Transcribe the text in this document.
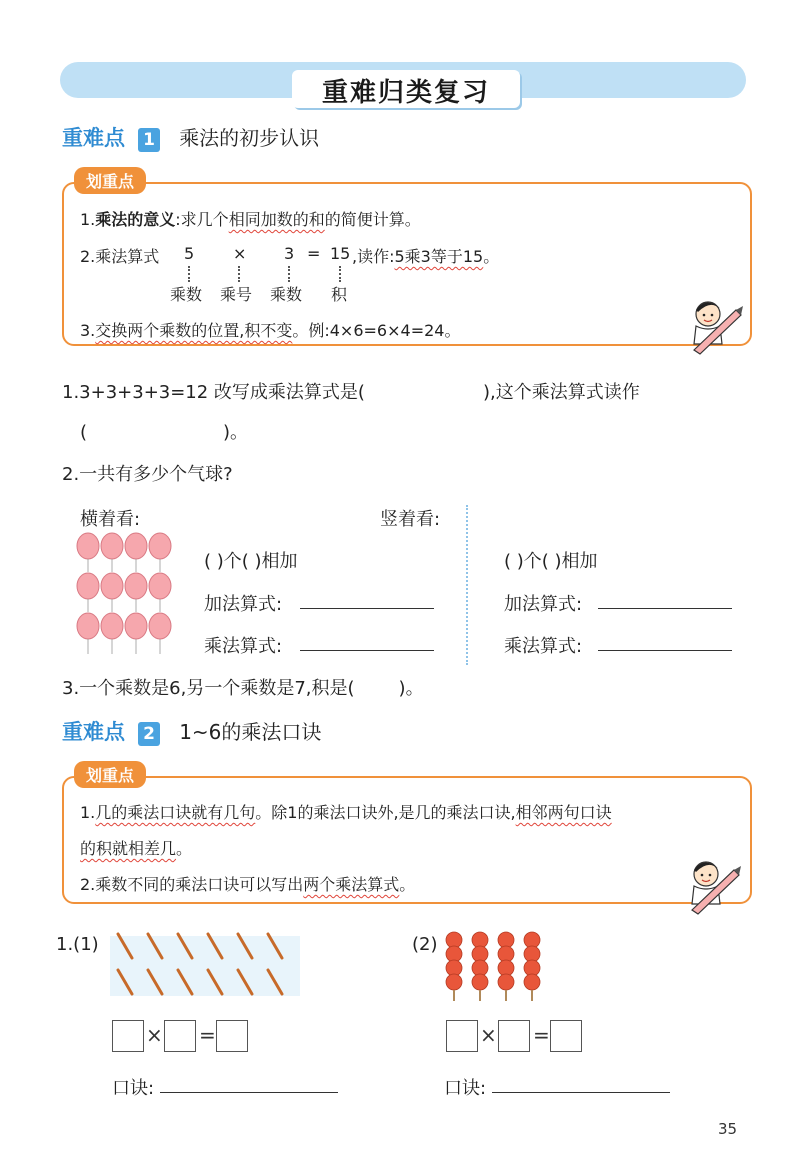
重难归类复习
重难点 1 乘法的初步认识
划重点
1.乘法的意义:求几个相同加数的和的简便计算。
2.乘法算式 5 × 3 = 15 ,读作:5乘3等于15。
乘数 乘号 乘数 积
3.交换两个乘数的位置,积不变。例:4×6=6×4=24。
1.3+3+3+3=12 改写成乘法算式是(	),这个乘法算式读作
(	)。
2.一共有多少个气球?
横着看:	竖着看:
( )个( )相加
加法算式:
乘法算式:
( )个( )相加
加法算式:
乘法算式:
3.一个乘数是6,另一个乘数是7,积是( )。
重难点 2 1~6的乘法口诀
划重点
1.几的乘法口诀就有几句。除1的乘法口诀外,是几的乘法口诀,相邻两句口诀
的积就相差几。
2.乘数不同的乘法口诀可以写出两个乘法算式。
1.(1)
× =
口诀:
(2)
× =
口诀:
35
